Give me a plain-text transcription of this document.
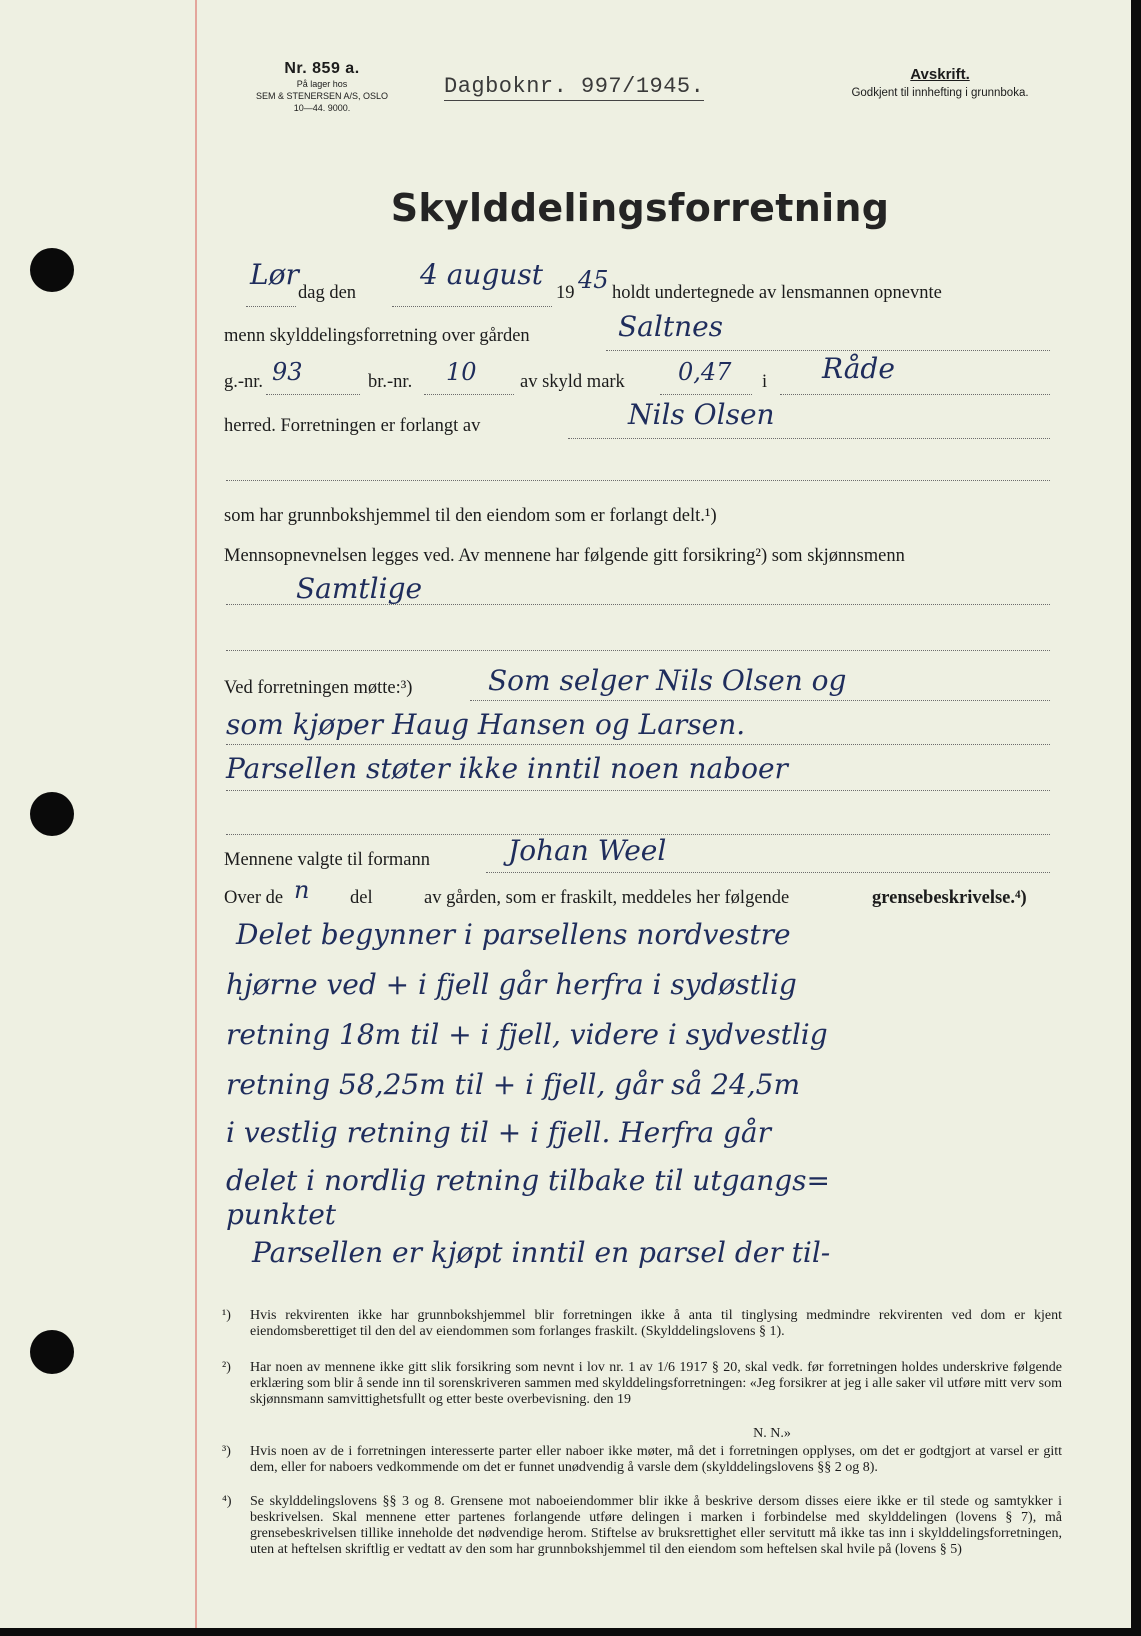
Nr. 859 a.
På lager hos
SEM & STENERSEN A/S, OSLO
10—44. 9000.
Dagboknr. 997/1945.	Avskrift.
Godkjent til innhefting i grunnboka.
Skylddelingsforretning
Lør
dag den
4 august
19 45 holdt undertegnede av lensmannen opnevnte
menn skylddelingsforretning over gården	Saltnes
g.-nr. 93	br.-nr. 10 av skyld mark 0,47 i Råde
herred. Forretningen er forlangt av	Nils Olsen
som har grunnbokshjemmel til den eiendom som er forlangt delt.¹)
Mennsopnevnelsen legges ved. Av mennene har følgende gitt forsikring²) som skjønnsmenn
Samtlige
Ved forretningen møtte:³)	Som selger Nils Olsen og
som kjøper Haug Hansen og Larsen.
Parsellen støter ikke inntil noen naboer
Mennene valgte til formann	Johan Weel
Over de n del	av gården, som er fraskilt, meddeles her følgende	grensebeskrivelse.⁴)
Delet begynner i parsellens nordvestre
hjørne ved + i fjell går herfra i sydøstlig
retning 18m til + i fjell, videre i sydvestlig
retning 58,25m til + i fjell, går så 24,5m
i vestlig retning til + i fjell. Herfra går
delet i nordlig retning tilbake til utgangs=
punktet
Parsellen er kjøpt inntil en parsel der til-
¹) Hvis rekvirenten ikke har grunnbokshjemmel blir forretningen ikke å anta til tinglysing medmindre rekvirenten ved dom er kjent eiendomsberettiget til den del av eiendommen som forlanges fraskilt. (Skylddelingslovens § 1).
²) Har noen av mennene ikke gitt slik forsikring som nevnt i lov nr. 1 av 1/6 1917 § 20, skal vedk. før forretningen holdes underskrive følgende erklæring som blir å sende inn til sorenskriveren sammen med skylddelingsforretningen: «Jeg forsikrer at jeg i alle saker vil utføre mitt verv som skjønnsmann samvittighetsfullt og etter beste overbevisning. den 19
N. N.»
³) Hvis noen av de i forretningen interesserte parter eller naboer ikke møter, må det i forretningen opplyses, om det er godtgjort at varsel er gitt dem, eller for naboers vedkommende om det er funnet unødvendig å varsle dem (skylddelingslovens §§ 2 og 8).
⁴) Se skylddelingslovens §§ 3 og 8. Grensene mot naboeiendommer blir ikke å beskrive dersom disses eiere ikke er til stede og samtykker i beskrivelsen. Skal mennene etter partenes forlangende utføre delingen i marken i forbindelse med skylddelingen (lovens § 7), må grensebeskrivelsen tillike inneholde det nødvendige herom. Stiftelse av bruksrettighet eller servitutt må ikke tas inn i skylddelingsforretningen, uten at heftelsen skriftlig er vedtatt av den som har grunnbokshjemmel til den eiendom som heftelsen skal hvile på (lovens § 5)
